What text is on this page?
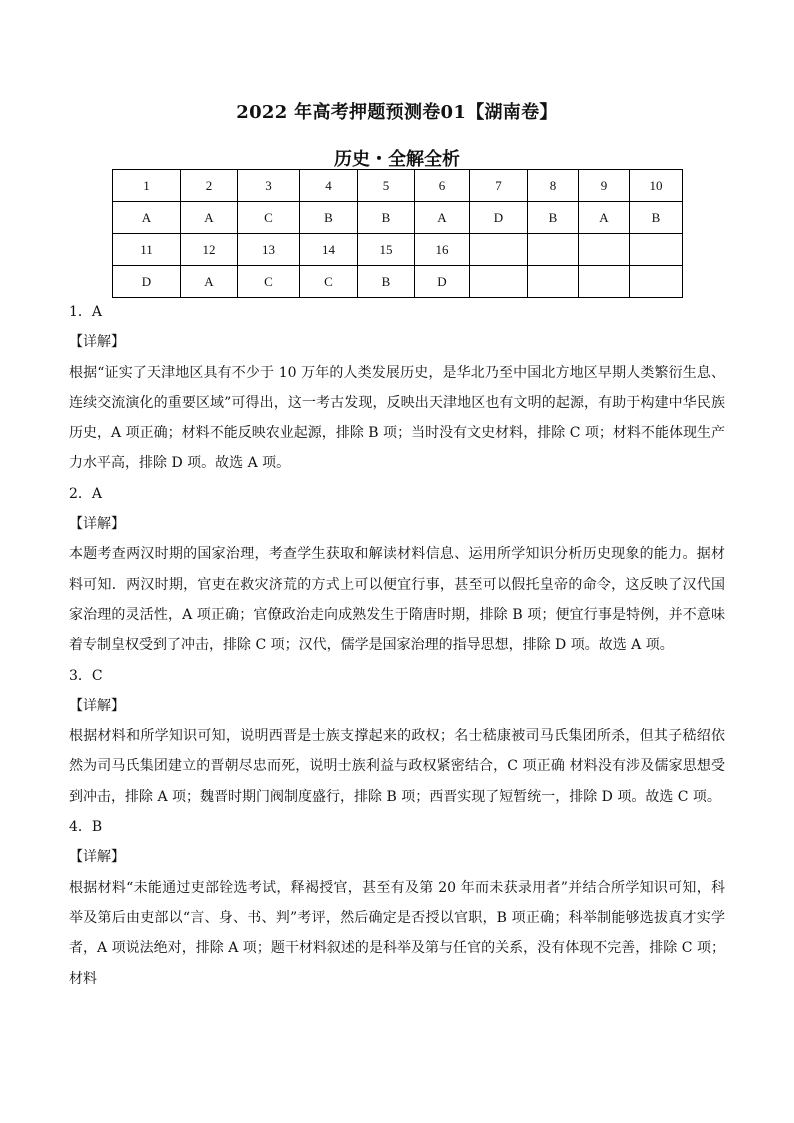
2022 年高考押题预测卷01【湖南卷】
历史・全解全析
1	2	3	4	5	6	7	8	9	10
A	A	C	B	B	A	D	B	A	B
11	12	13	14	15	16				
D	A	C	C	B	D				

1．A

【详解】

根据“证实了天津地区具有不少于 10 万年的人类发展历史，是华北乃至中国北方地区早期人类繁衍生息、连续交流演化的重要区域”可得出，这一考古发现，反映出天津地区也有文明的起源，有助于构建中华民族历史，A 项正确；材料不能反映农业起源，排除 B 项；当时没有文史材料，排除 C 项；材料不能体现生产力水平高，排除 D 项。故选 A 项。

2．A

【详解】

本题考查两汉时期的国家治理，考查学生获取和解读材料信息、运用所学知识分析历史现象的能力。据材料可知．两汉时期，官吏在救灾济荒的方式上可以便宜行事，甚至可以假托皇帝的命令，这反映了汉代国家治理的灵活性，A 项正确；官僚政治走向成熟发生于隋唐时期，排除 B 项；便宜行事是特例，并不意味着专制皇权受到了冲击，排除 C 项；汉代，儒学是国家治理的指导思想，排除 D 项。故选 A 项。

3．C

【详解】

根据材料和所学知识可知，说明西晋是士族支撑起来的政权；名士嵇康被司马氏集团所杀，但其子嵇绍依然为司马氏集团建立的晋朝尽忠而死，说明士族利益与政权紧密结合，C 项正确 材料没有涉及儒家思想受到冲击，排除 A 项；魏晋时期门阀制度盛行，排除 B 项；西晋实现了短暂统一，排除 D 项。故选 C 项。

4．B

【详解】

根据材料“未能通过吏部铨选考试，释褐授官，甚至有及第 20 年而未获录用者”并结合所学知识可知，科举及第后由吏部以“言、身、书、判”考评，然后确定是否授以官职，B 项正确；科举制能够选拔真才实学者，A 项说法绝对，排除 A 项；题干材料叙述的是科举及第与任官的关系，没有体现不完善，排除 C 项；材料
